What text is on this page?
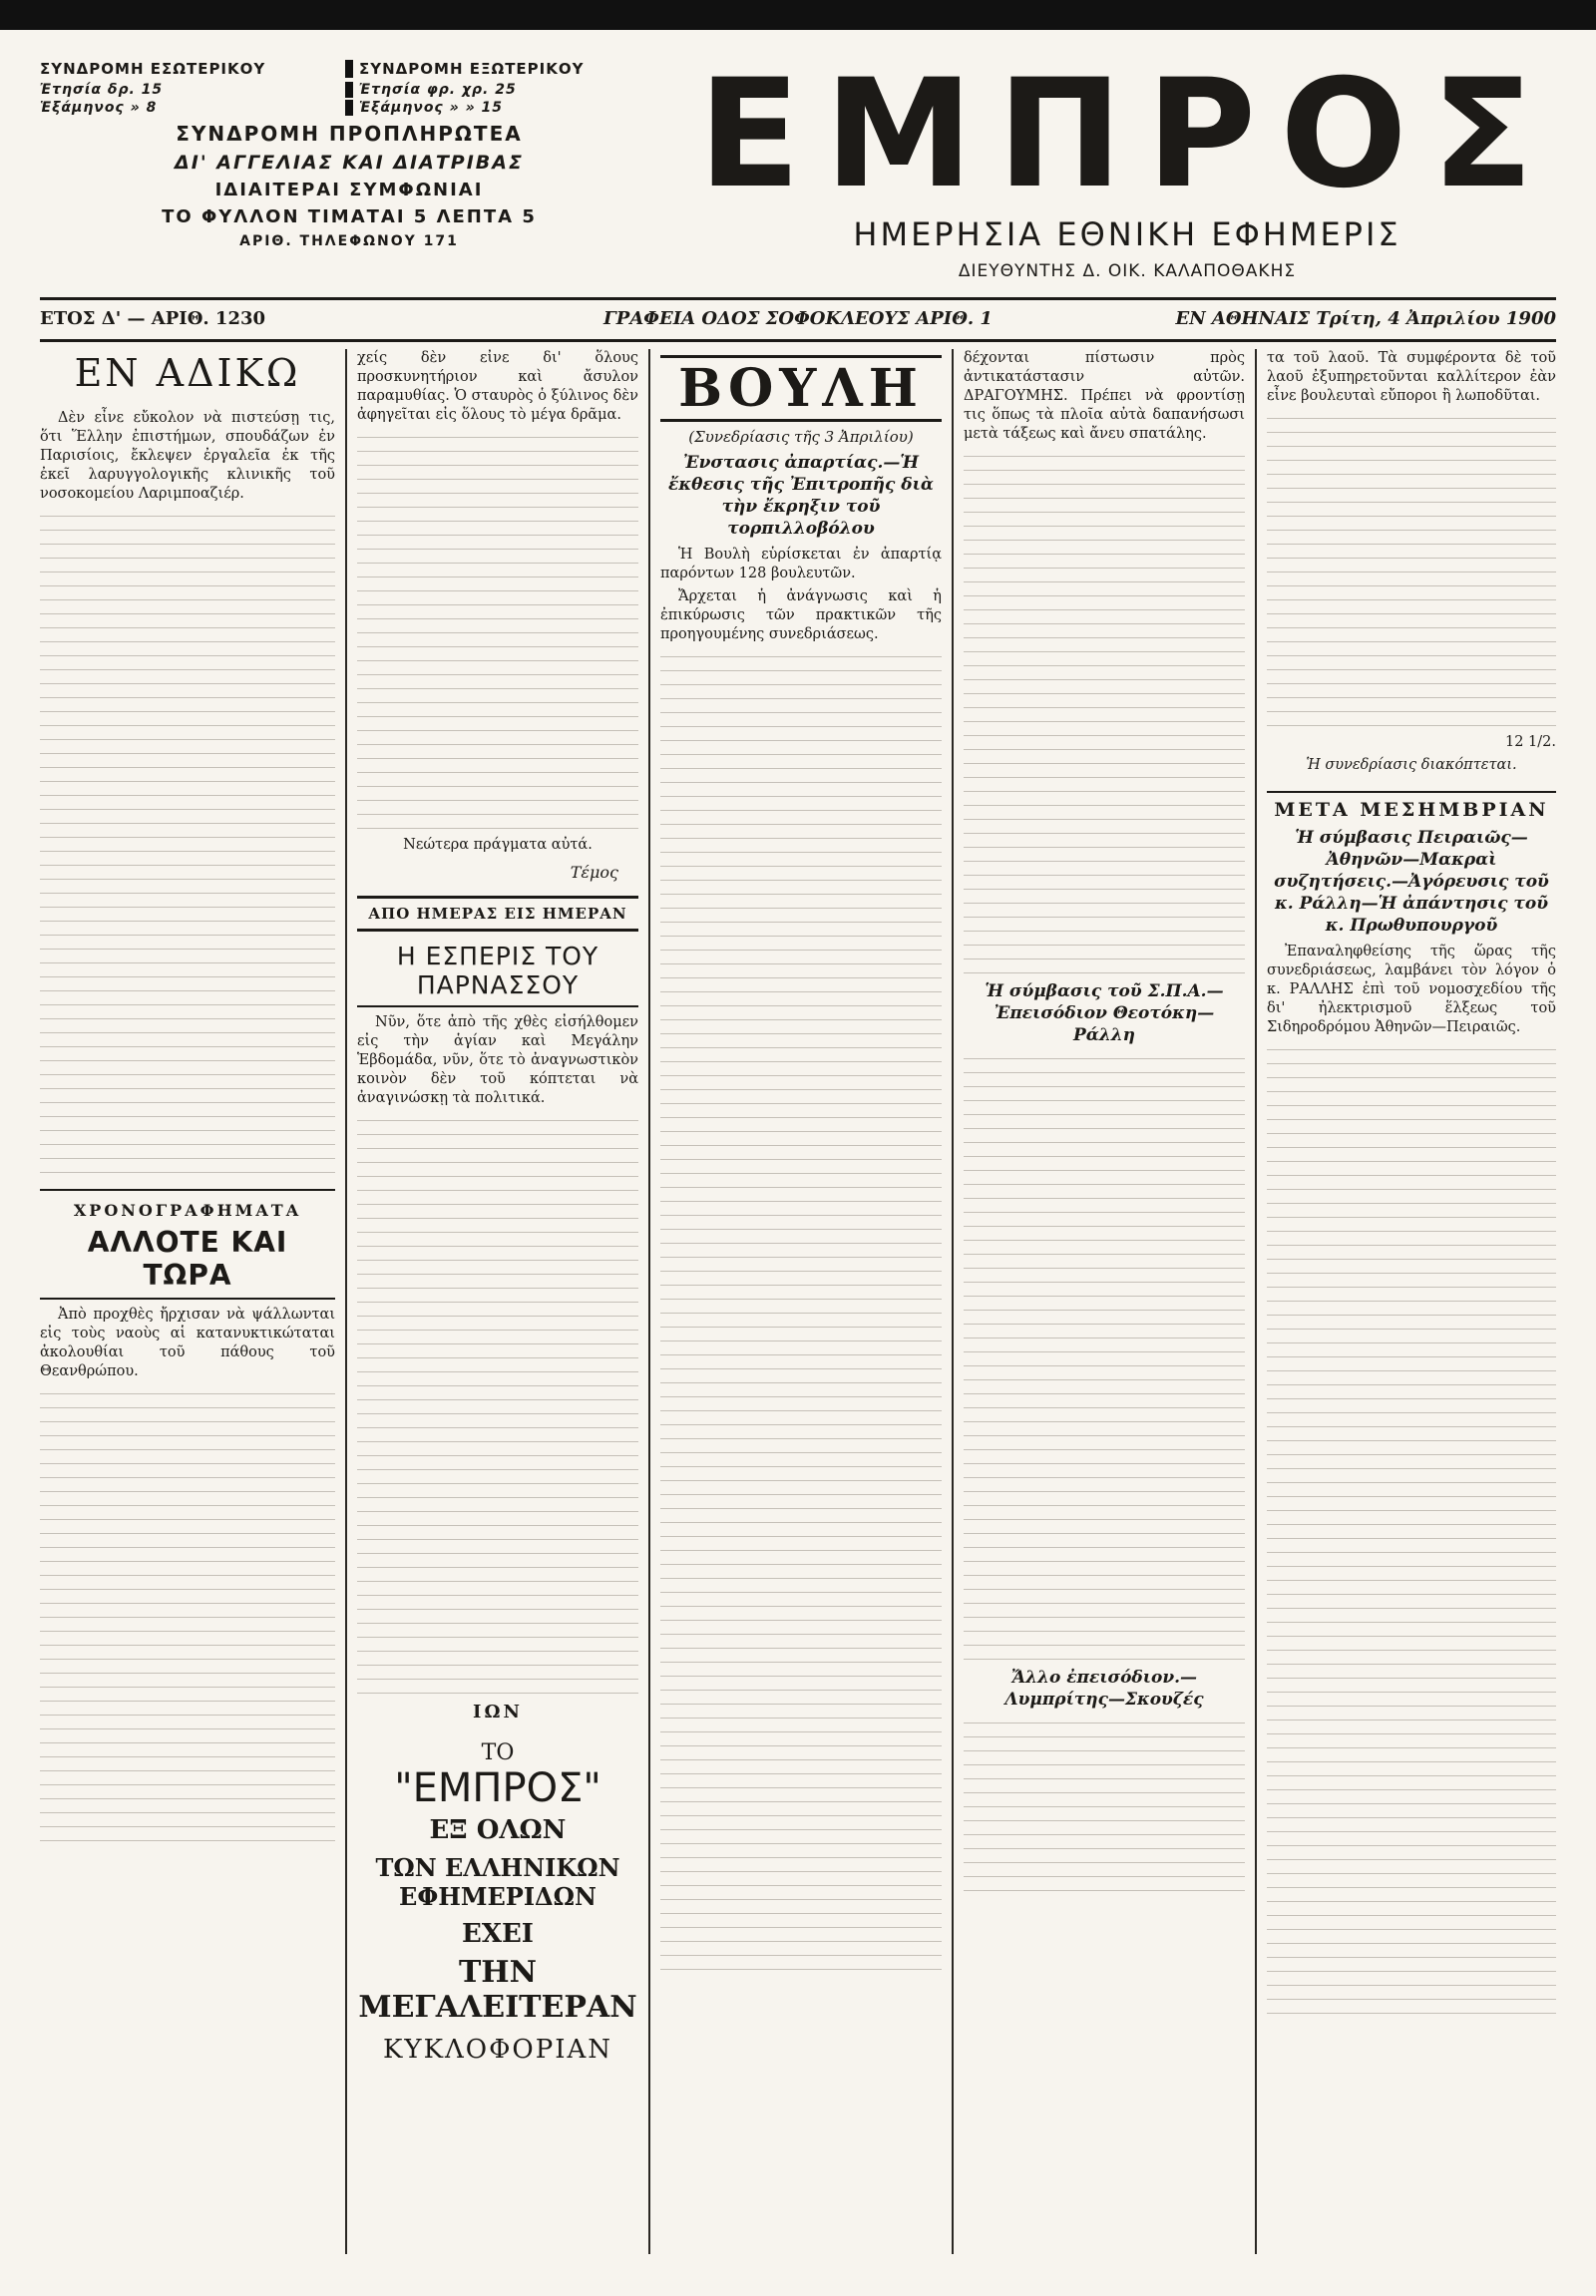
ΣΥΝΔΡΟΜΗ ΕΣΩΤΕΡΙΚΟΥ	ΣΥΝΔΡΟΜΗ ΕΞΩΤΕΡΙΚΟΥ
Ἐτησία δρ. 15	Ἐτησία φρ. χρ. 25
Ἑξάμηνος » 8	Ἑξάμηνος » » 15
ΣΥΝΔΡΟΜΗ ΠΡΟΠΛΗΡΩΤΕΑ
ΔΙ' ΑΓΓΕΛΙΑΣ ΚΑΙ ΔΙΑΤΡΙΒΑΣ
ΙΔΙΑΙΤΕΡΑΙ ΣΥΜΦΩΝΙΑΙ
ΤΟ ΦΥΛΛΟΝ ΤΙΜΑΤΑΙ 5 ΛΕΠΤΑ 5
ΑΡΙΘ. ΤΗΛΕΦΩΝΟΥ 171
ΕΜΠΡΟΣ
ΗΜΕΡΗΣΙΑ ΕΘΝΙΚΗ ΕΦΗΜΕΡΙΣ
ΔΙΕΥΘΥΝΤΗΣ Δ. ΟΙΚ. ΚΑΛΑΠΟΘΑΚΗΣ
ΕΤΟΣ Δ' — ΑΡΙΘ. 1230	ΓΡΑΦΕΙΑ ΟΔΟΣ ΣΟΦΟΚΛΕΟΥΣ ΑΡΙΘ. 1	ΕΝ ΑΘΗΝΑΙΣ Τρίτη, 4 Ἀπριλίου 1900
ΕΝ ΑΔΙΚΩ

Δὲν εἶνε εὔκολον νὰ πιστεύσῃ τις, ὅτι Ἕλλην ἐπιστήμων, σπουδάζων ἐν Παρισίοις, ἔκλεψεν ἐργαλεῖα ἐκ τῆς ἐκεῖ λαρυγγολογικῆς κλινικῆς τοῦ νοσοκομείου Λαριμποαζιέρ.

ΧΡΟΝΟΓΡΑΦΗΜΑΤΑ
ΑΛΛΟΤΕ ΚΑΙ ΤΩΡΑ

Ἀπὸ προχθὲς ἤρχισαν νὰ ψάλλωνται εἰς τοὺς ναοὺς αἱ κατανυκτικώταται ἀκολουθίαι τοῦ πάθους τοῦ Θεανθρώπου.

χείς δὲν εἶνε δι' ὅλους προσκυνητήριον καὶ ἄσυλον παραμυθίας. Ὁ σταυρὸς ὁ ξύλινος δὲν ἀφηγεῖται εἰς ὅλους τὸ μέγα δρᾶμα.

Νεώτερα πράγματα αὐτά.

Τέμος
ΑΠΟ ΗΜΕΡΑΣ ΕΙΣ ΗΜΕΡΑΝ
Η ΕΣΠΕΡΙΣ ΤΟΥ ΠΑΡΝΑΣΣΟΥ

Νῦν, ὅτε ἀπὸ τῆς χθὲς εἰσήλθομεν εἰς τὴν ἁγίαν καὶ Μεγάλην Ἑβδομάδα, νῦν, ὅτε τὸ ἀναγνωστικὸν κοινὸν δὲν τοῦ κόπτεται νὰ ἀναγινώσκῃ τὰ πολιτικά.

ΙΩΝ
ΤΟ
"ΕΜΠΡΟΣ"
ΕΞ ΟΛΩΝ
ΤΩΝ ΕΛΛΗΝΙΚΩΝ ΕΦΗΜΕΡΙΔΩΝ
ΕΧΕΙ
ΤΗΝ ΜΕΓΑΛΕΙΤΕΡΑΝ
ΚΥΚΛΟΦΟΡΙΑΝ
ΒΟΥΛΗ
(Συνεδρίασις τῆς 3 Ἀπριλίου)
Ἐνστασις ἀπαρτίας.—Ἡ ἔκθεσις τῆς Ἐπιτροπῆς διὰ τὴν ἔκρηξιν τοῦ τορπιλλοβόλου

Ἡ Βουλὴ εὑρίσκεται ἐν ἀπαρτίᾳ παρόντων 128 βουλευτῶν.

Ἄρχεται ἡ ἀνάγνωσις καὶ ἡ ἐπικύρωσις τῶν πρακτικῶν τῆς προηγουμένης συνεδριάσεως.

δέχονται πίστωσιν πρὸς ἀντικατάστασιν αὐτῶν. ΔΡΑΓΟΥΜΗΣ. Πρέπει νὰ φροντίσῃ τις ὅπως τὰ πλοῖα αὐτὰ δαπανήσωσι μετὰ τάξεως καὶ ἄνευ σπατάλης.

Ἡ σύμβασις τοῦ Σ.Π.Α.—Ἐπεισόδιον Θεοτόκη—Ράλλη
Ἄλλο ἐπεισόδιον.—Λυμπρίτης—Σκουζές

τα τοῦ λαοῦ. Τὰ συμφέροντα δὲ τοῦ λαοῦ ἐξυπηρετοῦνται καλλίτερον ἐὰν εἶνε βουλευταὶ εὔποροι ἢ λωποδῦται.

12 1/2.

Ἡ συνεδρίασις διακόπτεται.

ΜΕΤΑ ΜΕΣΗΜΒΡΙΑΝ
Ἡ σύμβασις Πειραιῶς—Ἀθηνῶν—Μακραὶ συζητήσεις.—Ἀγόρευσις τοῦ κ. Ράλλη—Ἡ ἀπάντησις τοῦ κ. Πρωθυπουργοῦ

Ἐπαναληφθείσης τῆς ὥρας τῆς συνεδριάσεως, λαμβάνει τὸν λόγον ὁ κ. ΡΑΛΛΗΣ ἐπὶ τοῦ νομοσχεδίου τῆς δι' ἠλεκτρισμοῦ ἕλξεως τοῦ Σιδηροδρόμου Ἀθηνῶν—Πειραιῶς.
